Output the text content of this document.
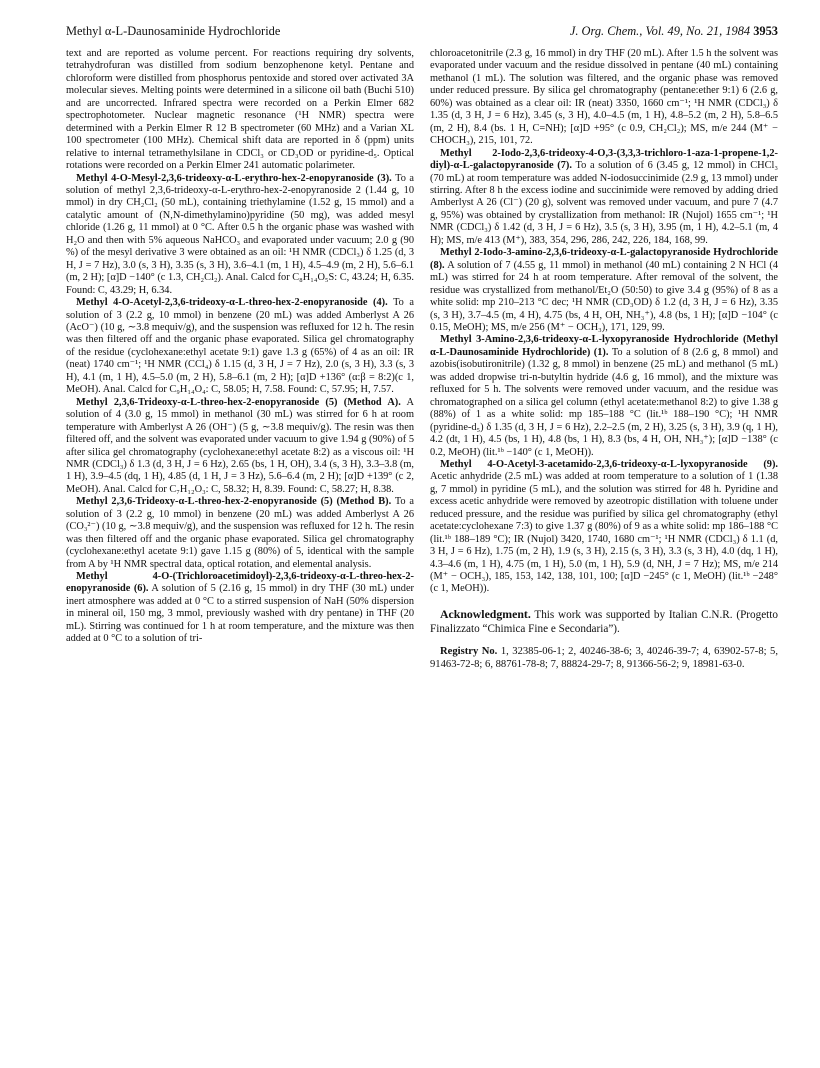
Methyl α-L-Daunosaminide Hydrochloride	J. Org. Chem., Vol. 49, No. 21, 1984 3953

text and are reported as volume percent. For reactions requiring dry solvents, tetrahydrofuran was distilled from sodium benzophenone ketyl. Pentane and chloroform were distilled from phosphorus pentoxide and stored over activated 3A molecular sieves. Melting points were determined in a silicone oil bath (Buchi 510) and are uncorrected. Infrared spectra were recorded on a Perkin Elmer 682 spectrophotometer. Nuclear magnetic resonance (¹H NMR) spectra were determined with a Perkin Elmer R 12 B spectrometer (60 MHz) and a Varian XL 100 spectrometer (100 MHz). Chemical shift data are reported in δ (ppm) units relative to internal tetramethylsilane in CDCl₃ or CD₃OD or pyridine-d₅. Optical rotations were recorded on a Perkin Elmer 241 automatic polarimeter.

Methyl 4-O-Mesyl-2,3,6-trideoxy-α-L-erythro-hex-2-enopyranoside (3). To a solution of methyl 2,3,6-trideoxy-α-L-erythro-hex-2-enopyranoside 2 (1.44 g, 10 mmol) in dry CH₂Cl₂ (50 mL), containing triethylamine (1.52 g, 15 mmol) and a catalytic amount of (N,N-dimethylamino)pyridine (50 mg), was added mesyl chloride (1.26 g, 11 mmol) at 0 °C. After 0.5 h the organic phase was washed with H₂O and then with 5% aqueous NaHCO₃ and evaporated under vacuum; 2.0 g (90 %) of the mesyl derivative 3 were obtained as an oil: ¹H NMR (CDCl₃) δ 1.25 (d, 3 H, J = 7 Hz), 3.0 (s, 3 H), 3.35 (s, 3 H), 3.6–4.1 (m, 1 H), 4.5–4.9 (m, 2 H), 5.6–6.1 (m, 2 H); [α]D −140° (c 1.3, CH₂Cl₂). Anal. Calcd for C₈H₁₄O₅S: C, 43.24; H, 6.35. Found: C, 43.29; H, 6.34.

Methyl 4-O-Acetyl-2,3,6-trideoxy-α-L-threo-hex-2-enopyranoside (4). To a solution of 3 (2.2 g, 10 mmol) in benzene (20 mL) was added Amberlyst A 26 (AcO⁻) (10 g, ∼3.8 mequiv/g), and the suspension was refluxed for 12 h. The resin was then filtered off and the organic phase evaporated. Silica gel chromatography of the residue (cyclohexane:ethyl acetate 9:1) gave 1.3 g (65%) of 4 as an oil: IR (neat) 1740 cm⁻¹; ¹H NMR (CCl₄) δ 1.15 (d, 3 H, J = 7 Hz), 2.0 (s, 3 H), 3.3 (s, 3 H), 4.1 (m, 1 H), 4.5–5.0 (m, 2 H), 5.8–6.1 (m, 2 H); [α]D +136° (α:β = 8:2)(c 1, MeOH). Anal. Calcd for C₉H₁₄O₄: C, 58.05; H, 7.58. Found: C, 57.95; H, 7.57.

Methyl 2,3,6-Trideoxy-α-L-threo-hex-2-enopyranoside (5) (Method A). A solution of 4 (3.0 g, 15 mmol) in methanol (30 mL) was stirred for 6 h at room temperature with Amberlyst A 26 (OH⁻) (5 g, ∼3.8 mequiv/g). The resin was then filtered off, and the solvent was evaporated under vacuum to give 1.94 g (90%) of 5 after silica gel chromatography (cyclohexane:ethyl acetate 8:2) as a viscous oil: ¹H NMR (CDCl₃) δ 1.3 (d, 3 H, J = 6 Hz), 2.65 (bs, 1 H, OH), 3.4 (s, 3 H), 3.3–3.8 (m, 1 H), 3.9–4.5 (dq, 1 H), 4.85 (d, 1 H, J = 3 Hz), 5.6–6.4 (m, 2 H); [α]D +139° (c 2, MeOH). Anal. Calcd for C₇H₁₂O₃: C, 58.32; H, 8.39. Found: C, 58.27; H, 8.38.

Methyl 2,3,6-Trideoxy-α-L-threo-hex-2-enopyranoside (5) (Method B). To a solution of 3 (2.2 g, 10 mmol) in benzene (20 mL) was added Amberlyst A 26 (CO₃²⁻) (10 g, ∼3.8 mequiv/g), and the suspension was refluxed for 12 h. The resin was then filtered off and the organic phase evaporated. Silica gel chromatography (cyclohexane:ethyl acetate 9:1) gave 1.15 g (80%) of 5, identical with the sample from A by ¹H NMR spectral data, optical rotation, and elemental analysis.

Methyl 4-O-(Trichloroacetimidoyl)-2,3,6-trideoxy-α-L-threo-hex-2-enopyranoside (6). A solution of 5 (2.16 g, 15 mmol) in dry THF (30 mL) under inert atmosphere was added at 0 °C to a stirred suspension of NaH (50% dispersion in mineral oil, 150 mg, 3 mmol, previously washed with dry pentane) in THF (20 mL). Stirring was continued for 1 h at room temperature, and the mixture was then added at 0 °C to a solution of tri-

chloroacetonitrile (2.3 g, 16 mmol) in dry THF (20 mL). After 1.5 h the solvent was evaporated under vacuum and the residue dissolved in pentane (40 mL) containing methanol (1 mL). The solution was filtered, and the organic phase was removed under reduced pressure. By silica gel chromatography (pentane:ether 9:1) 6 (2.6 g, 60%) was obtained as a clear oil: IR (neat) 3350, 1660 cm⁻¹; ¹H NMR (CDCl₃) δ 1.35 (d, 3 H, J = 6 Hz), 3.45 (s, 3 H), 4.0–4.5 (m, 1 H), 4.8–5.2 (m, 2 H), 5.8–6.5 (m, 2 H), 8.4 (bs. 1 H, C=NH); [α]D +95° (c 0.9, CH₂Cl₂); MS, m/e 244 (M⁺ − CHOCH₃), 215, 101, 72.

Methyl 2-Iodo-2,3,6-trideoxy-4-O,3-(3,3,3-trichloro-1-aza-1-propene-1,2-diyl)-α-L-galactopyranoside (7). To a solution of 6 (3.45 g, 12 mmol) in CHCl₃ (70 mL) at room temperature was added N-iodosuccinimide (2.9 g, 13 mmol) under stirring. After 8 h the excess iodine and succinimide were removed by adding dried Amberlyst A 26 (Cl⁻) (20 g), solvent was removed under vacuum, and pure 7 (4.7 g, 95%) was obtained by crystallization from methanol: IR (Nujol) 1655 cm⁻¹; ¹H NMR (CDCl₃) δ 1.42 (d, 3 H, J = 6 Hz), 3.5 (s, 3 H), 3.95 (m, 1 H), 4.2–5.1 (m, 4 H); MS, m/e 413 (M⁺), 383, 354, 296, 286, 242, 226, 184, 168, 99.

Methyl 2-Iodo-3-amino-2,3,6-trideoxy-α-L-galactopyranoside Hydrochloride (8). A solution of 7 (4.55 g, 11 mmol) in methanol (40 mL) containing 2 N HCl (4 mL) was stirred for 24 h at room temperature. After removal of the solvent, the residue was crystallized from methanol/Et₂O (50:50) to give 3.4 g (95%) of 8 as a white solid: mp 210–213 °C dec; ¹H NMR (CD₃OD) δ 1.2 (d, 3 H, J = 6 Hz), 3.35 (s, 3 H), 3.7–4.5 (m, 4 H), 4.75 (bs, 4 H, OH, NH₃⁺), 4.8 (bs, 1 H); [α]D −104° (c 0.15, MeOH); MS, m/e 256 (M⁺ − OCH₃), 171, 129, 99.

Methyl 3-Amino-2,3,6-trideoxy-α-L-lyxopyranoside Hydrochloride (Methyl α-L-Daunosaminide Hydrochloride) (1). To a solution of 8 (2.6 g, 8 mmol) and azobis(isobutironitrile) (1.32 g, 8 mmol) in benzene (25 mL) and methanol (5 mL) was added dropwise tri-n-butyltin hydride (4.6 g, 16 mmol), and the mixture was refluxed for 5 h. The solvents were removed under vacuum, and the residue was chromatographed on a silica gel column (ethyl acetate:methanol 8:2) to give 1.38 g (88%) of 1 as a white solid: mp 185–188 °C (lit.¹ᵇ 188–190 °C); ¹H NMR (pyridine-d₅) δ 1.35 (d, 3 H, J = 6 Hz), 2.2–2.5 (m, 2 H), 3.25 (s, 3 H), 3.9 (q, 1 H), 4.2 (dt, 1 H), 4.5 (bs, 1 H), 4.8 (bs, 1 H), 8.3 (bs, 4 H, OH, NH₃⁺); [α]D −138° (c 0.2, MeOH) (lit.¹ᵇ −140° (c 1, MeOH)).

Methyl 4-O-Acetyl-3-acetamido-2,3,6-trideoxy-α-L-lyxopyranoside (9). Acetic anhydride (2.5 mL) was added at room temperature to a solution of 1 (1.38 g, 7 mmol) in pyridine (5 mL), and the solution was stirred for 48 h. Pyridine and excess acetic anhydride were removed by azeotropic distillation with toluene under reduced pressure, and the residue was purified by silica gel chromatography (ethyl acetate:cyclohexane 7:3) to give 1.37 g (80%) of 9 as a white solid: mp 186–188 °C (lit.¹ᵇ 188–189 °C); IR (Nujol) 3420, 1740, 1680 cm⁻¹; ¹H NMR (CDCl₃) δ 1.1 (d, 3 H, J = 6 Hz), 1.75 (m, 2 H), 1.9 (s, 3 H), 2.15 (s, 3 H), 3.3 (s, 3 H), 4.0 (dq, 1 H), 4.3–4.6 (m, 1 H), 4.75 (m, 1 H), 5.0 (m, 1 H), 5.9 (d, NH, J = 7 Hz); MS, m/e 214 (M⁺ − OCH₃), 185, 153, 142, 138, 101, 100; [α]D −245° (c 1, MeOH) (lit.¹ᵇ −248° (c 1, MeOH)).

Acknowledgment. This work was supported by Italian C.N.R. (Progetto Finalizzato “Chimica Fine e Secondaria”).

Registry No. 1, 32385-06-1; 2, 40246-38-6; 3, 40246-39-7; 4, 63902-57-8; 5, 91463-72-8; 6, 88761-78-8; 7, 88824-29-7; 8, 91366-56-2; 9, 18981-63-0.
